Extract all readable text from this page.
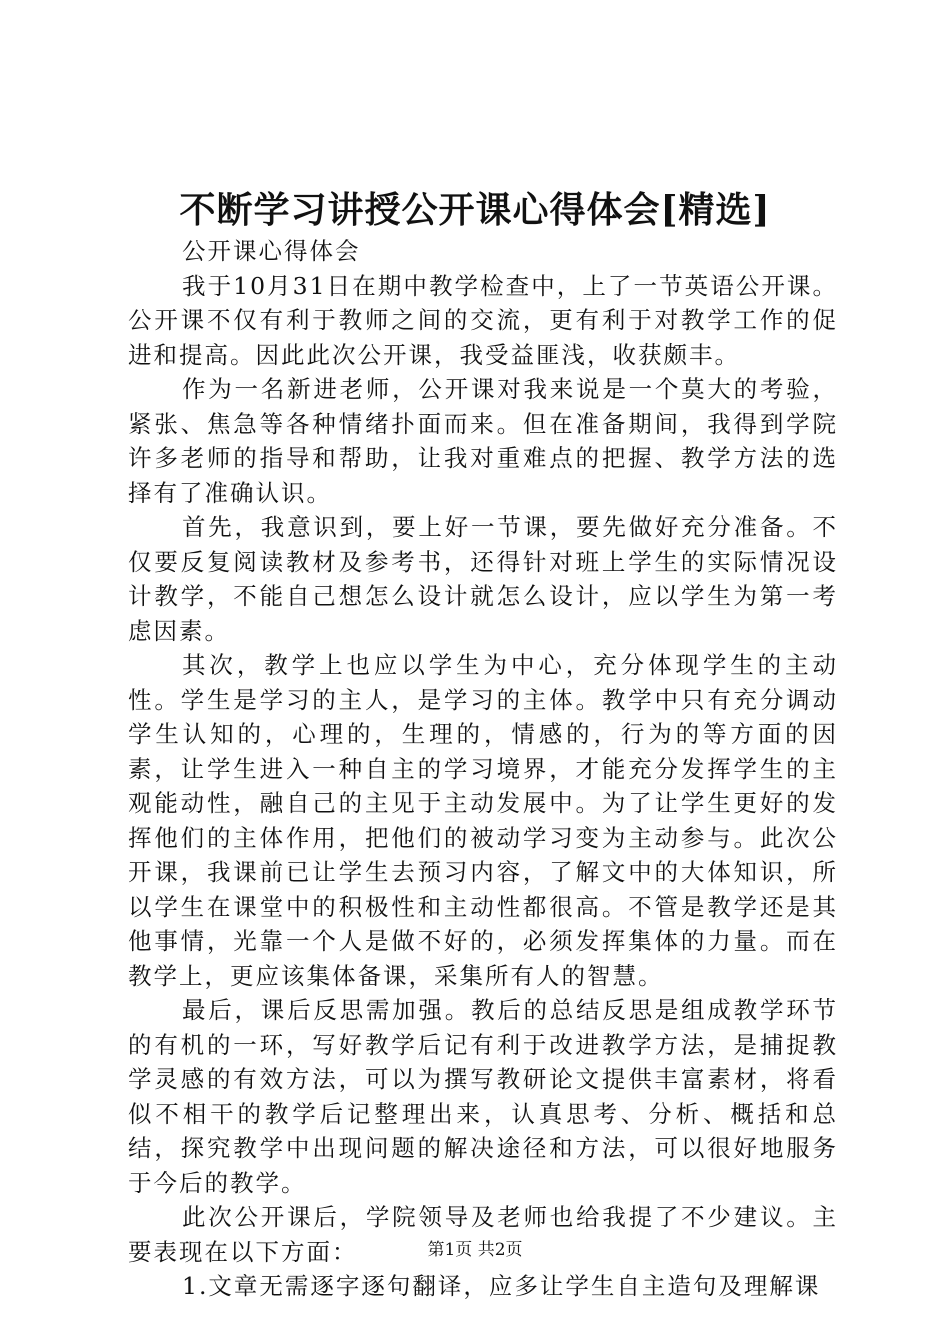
不断学习讲授公开课心得体会[精选]

公开课心得体会

我于10月31日在期中教学检查中，上了一节英语公开课。公开课不仅有利于教师之间的交流，更有利于对教学工作的促进和提高。因此此次公开课，我受益匪浅，收获颇丰。

作为一名新进老师，公开课对我来说是一个莫大的考验，紧张、焦急等各种情绪扑面而来。但在准备期间，我得到学院许多老师的指导和帮助，让我对重难点的把握、教学方法的选择有了准确认识。

首先，我意识到，要上好一节课，要先做好充分准备。不仅要反复阅读教材及参考书，还得针对班上学生的实际情况设计教学，不能自己想怎么设计就怎么设计，应以学生为第一考虑因素。

其次，教学上也应以学生为中心，充分体现学生的主动性。学生是学习的主人，是学习的主体。教学中只有充分调动学生认知的，心理的，生理的，情感的，行为的等方面的因素，让学生进入一种自主的学习境界，才能充分发挥学生的主观能动性，融自己的主见于主动发展中。为了让学生更好的发挥他们的主体作用，把他们的被动学习变为主动参与。此次公开课，我课前已让学生去预习内容，了解文中的大体知识，所以学生在课堂中的积极性和主动性都很高。不管是教学还是其他事情，光靠一个人是做不好的，必须发挥集体的力量。而在教学上，更应该集体备课，采集所有人的智慧。

最后，课后反思需加强。教后的总结反思是组成教学环节的有机的一环，写好教学后记有利于改进教学方法，是捕捉教学灵感的有效方法，可以为撰写教研论文提供丰富素材，将看似不相干的教学后记整理出来，认真思考、分析、概括和总结，探究教学中出现问题的解决途径和方法，可以很好地服务于今后的教学。

此次公开课后，学院领导及老师也给我提了不少建议。主要表现在以下方面：

1.文章无需逐字逐句翻译，应多让学生自主造句及理解课

第1页 共2页
